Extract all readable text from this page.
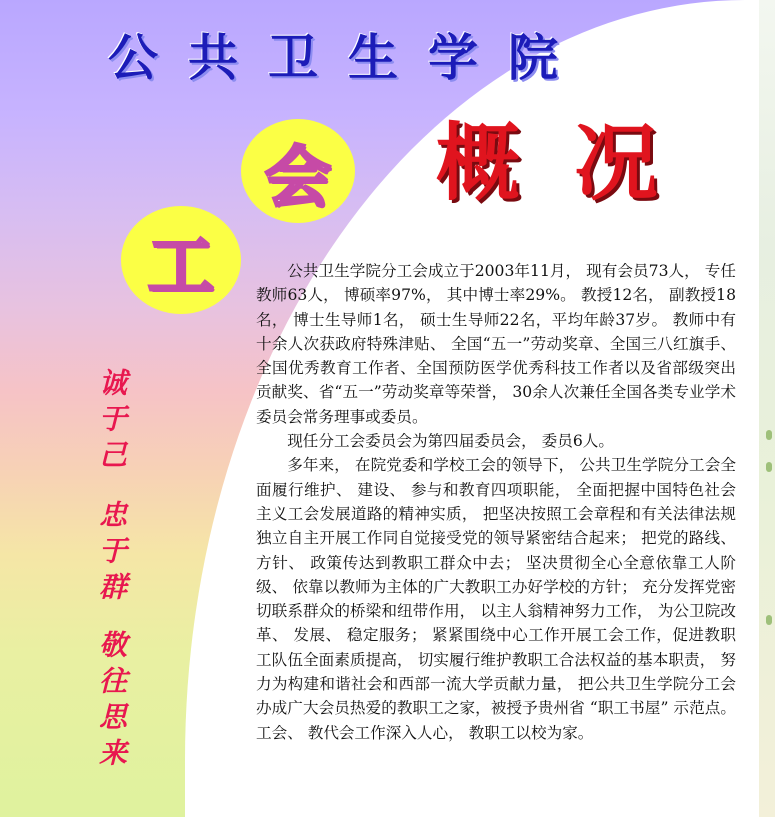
公共卫生学院
概况
会
工
诚于己
忠于群
敬往思来

公共卫生学院分工会成立于2003年11月， 现有会员73人， 专任教师63人， 博硕率97%， 其中博士率29%。 教授12名， 副教授18名， 博士生导师1名， 硕士生导师22名，平均年龄37岁。 教师中有十余人次获政府特殊津贴、 全国“五一”劳动奖章、全国三八红旗手、全国优秀教育工作者、全国预防医学优秀科技工作者以及省部级突出贡献奖、省“五一”劳动奖章等荣誉， 30余人次兼任全国各类专业学术委员会常务理事或委员。

现任分工会委员会为第四届委员会， 委员6人。

多年来， 在院党委和学校工会的领导下， 公共卫生学院分工会全面履行维护、 建设、 参与和教育四项职能， 全面把握中国特色社会主义工会发展道路的精神实质， 把坚决按照工会章程和有关法律法规独立自主开展工作同自觉接受党的领导紧密结合起来； 把党的路线、 方针、 政策传达到教职工群众中去； 坚决贯彻全心全意依靠工人阶级、 依靠以教师为主体的广大教职工办好学校的方针； 充分发挥党密切联系群众的桥梁和纽带作用， 以主人翁精神努力工作， 为公卫院改革、 发展、 稳定服务； 紧紧围绕中心工作开展工会工作，促进教职工队伍全面素质提高， 切实履行维护教职工合法权益的基本职责， 努力为构建和谐社会和西部一流大学贡献力量， 把公共卫生学院分工会办成广大会员热爱的教职工之家，被授予贵州省 “职工书屋” 示范点。 工会、 教代会工作深入人心， 教职工以校为家。
